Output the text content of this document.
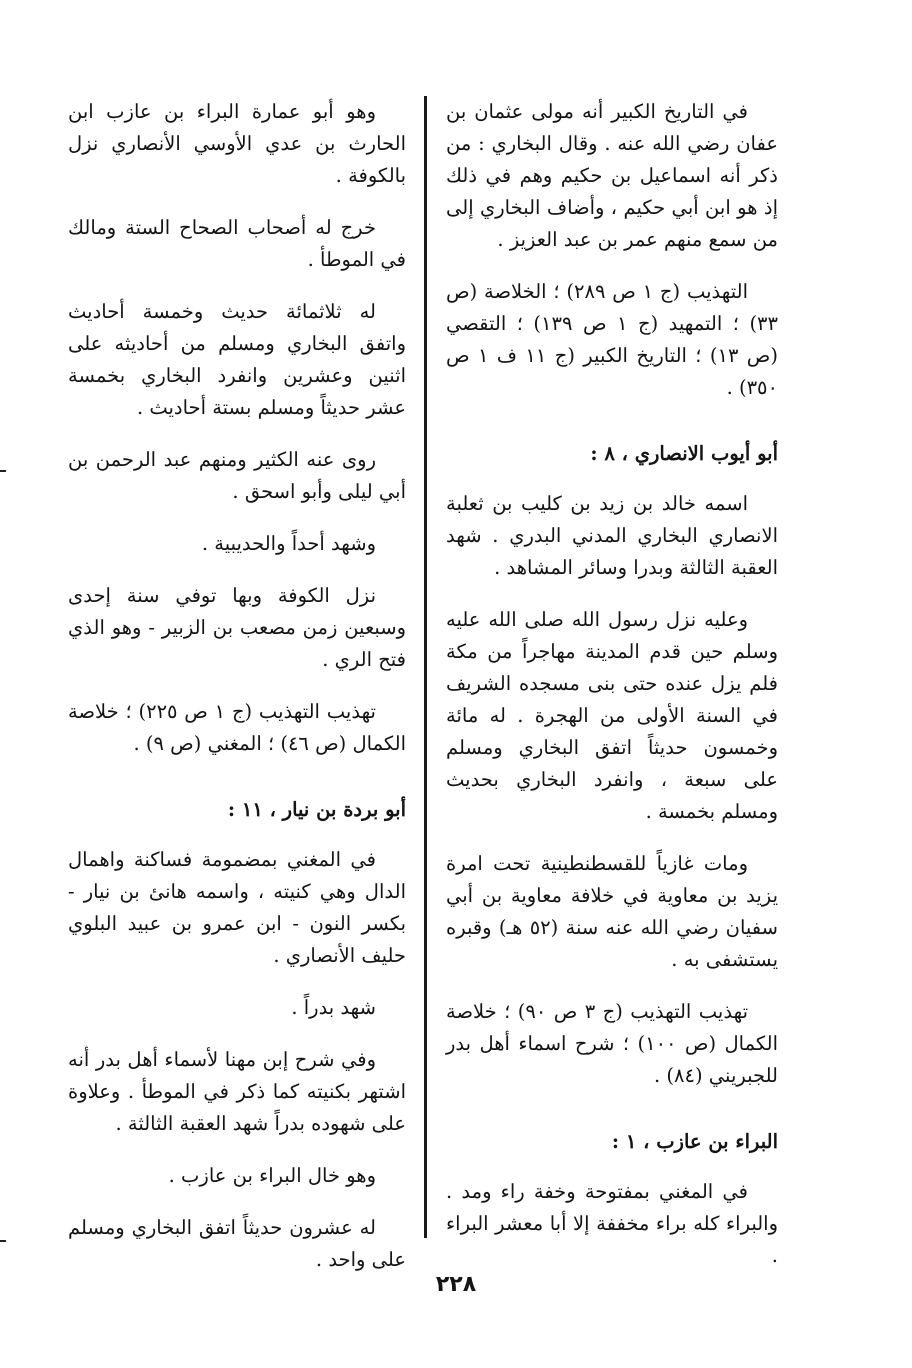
في التاريخ الكبير أنه مولى عثمان بن عفان رضي الله عنه . وقال البخاري : من ذكر أنه اسماعيل بن حكيم وهم في ذلك إذ هو ابن أبي حكيم ، وأضاف البخاري إلى من سمع منهم عمر بن عبد العزيز .

التهذيب (ج ١ ص ٢٨٩) ؛ الخلاصة (ص ٣٣) ؛ التمهيد (ج ١ ص ١٣٩) ؛ التقصي (ص ١٣) ؛ التاريخ الكبير (ج ١١ ف ١ ص ٣٥٠) .

أبو أيوب الانصاري ، ٨ :

اسمه خالد بن زيد بن كليب بن ثعلبة الانصاري البخاري المدني البدري . شهد العقبة الثالثة وبدرا وسائر المشاهد .

وعليه نزل رسول الله صلى الله عليه وسلم حين قدم المدينة مهاجراً من مكة فلم يزل عنده حتى بنى مسجده الشريف في السنة الأولى من الهجرة . له مائة وخمسون حديثاً اتفق البخاري ومسلم على سبعة ، وانفرد البخاري بحديث ومسلم بخمسة .

ومات غازياً للقسطنطينية تحت امرة يزيد بن معاوية في خلافة معاوية بن أبي سفيان رضي الله عنه سنة (٥٢ هـ) وقبره يستشفى به .

تهذيب التهذيب (ج ٣ ص ٩٠) ؛ خلاصة الكمال (ص ١٠٠) ؛ شرح اسماء أهل بدر للجبريني (٨٤) .

البراء بن عازب ، ١ :

في المغني بمفتوحة وخفة راء ومد . والبراء كله براء مخففة إلا أبا معشر البراء .

وهو أبو عمارة البراء بن عازب ابن الحارث بن عدي الأوسي الأنصاري نزل بالكوفة .

خرج له أصحاب الصحاح الستة ومالك في الموطأ .

له ثلاثمائة حديث وخمسة أحاديث واتفق البخاري ومسلم من أحاديثه على اثنين وعشرين وانفرد البخاري بخمسة عشر حديثاً ومسلم بستة أحاديث .

روى عنه الكثير ومنهم عبد الرحمن بن أبي ليلى وأبو اسحق .

وشهد أحداً والحديبية .

نزل الكوفة وبها توفي سنة إحدى وسبعين زمن مصعب بن الزبير - وهو الذي فتح الري .

تهذيب التهذيب (ج ١ ص ٢٢٥) ؛ خلاصة الكمال (ص ٤٦) ؛ المغني (ص ٩) .

أبو بردة بن نيار ، ١١ :

في المغني بمضمومة فساكنة واهمال الدال وهي كنيته ، واسمه هانئ بن نيار - بكسر النون - ابن عمرو بن عبيد البلوي حليف الأنصاري .

شهد بدراً .

وفي شرح إبن مهنا لأسماء أهل بدر أنه اشتهر بكنيته كما ذكر في الموطأ . وعلاوة على شهوده بدراً شهد العقبة الثالثة .

وهو خال البراء بن عازب .

له عشرون حديثاً اتفق البخاري ومسلم على واحد .

٢٢٨
